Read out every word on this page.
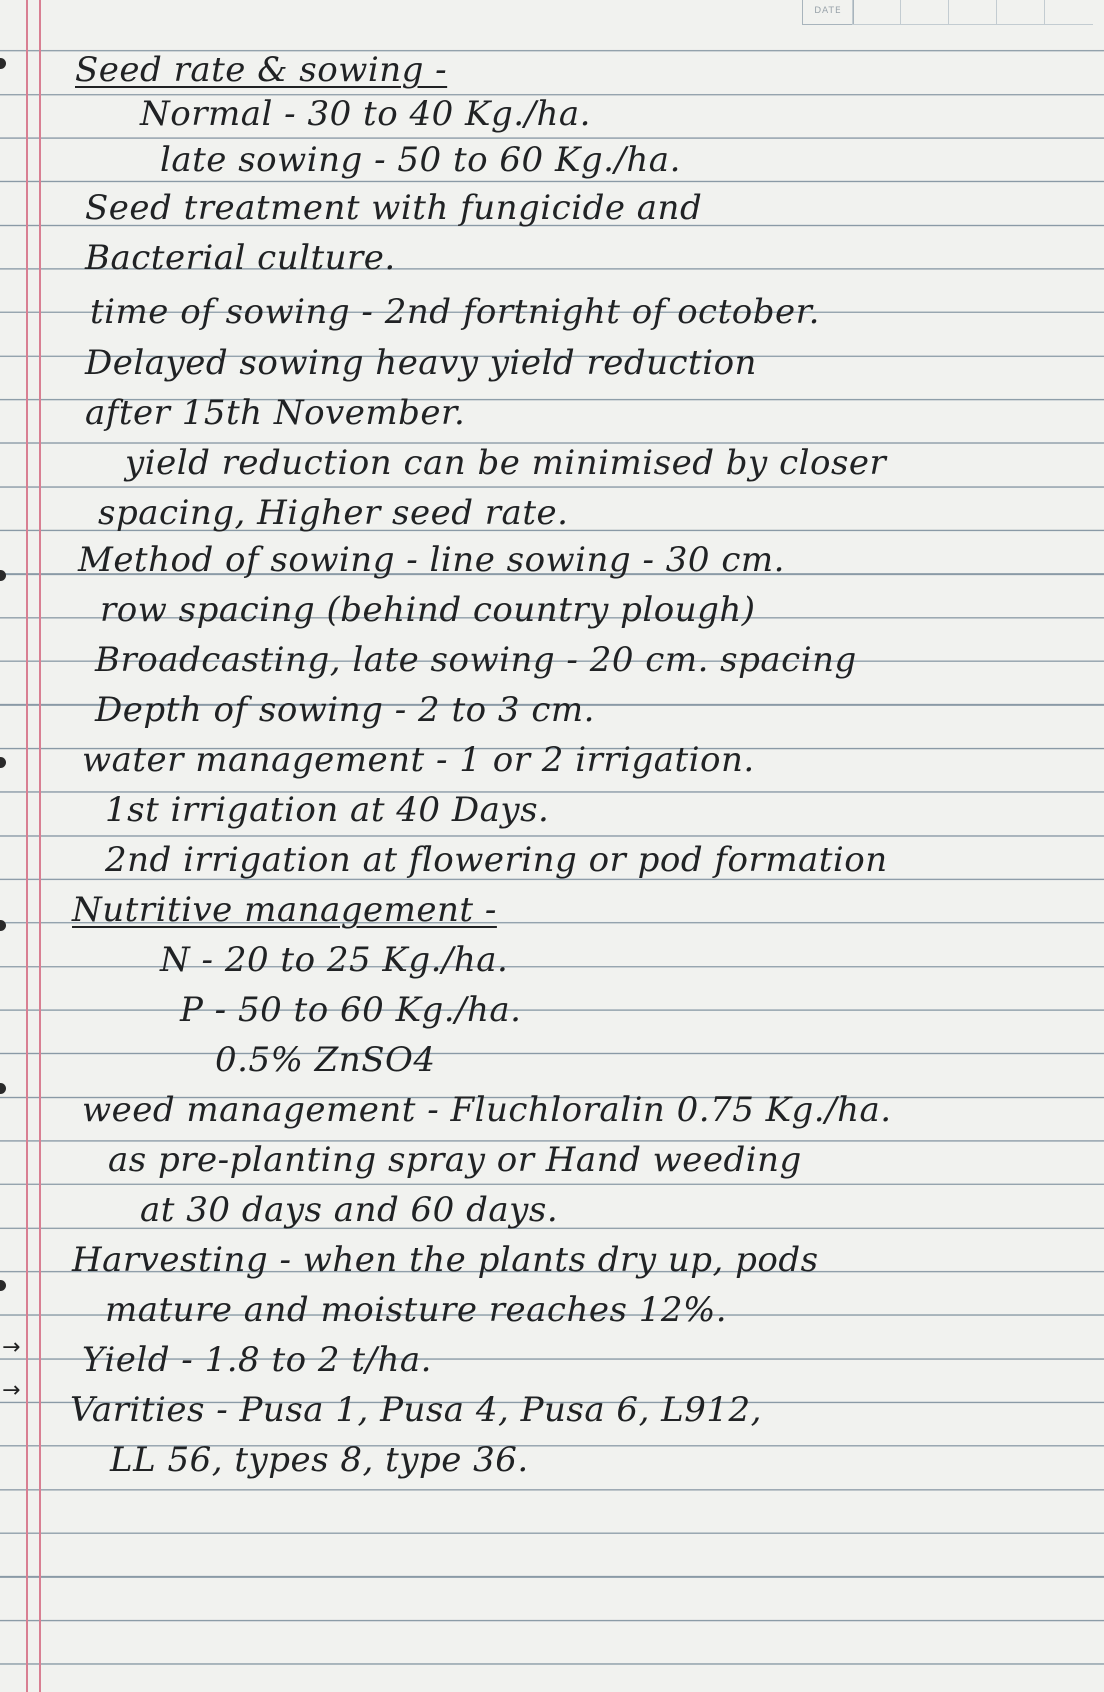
DATE
→
→
Seed rate & sowing -
Normal - 30 to 40 Kg./ha.
late sowing - 50 to 60 Kg./ha.
Seed treatment with fungicide and
Bacterial culture.
time of sowing - 2nd fortnight of october.
Delayed sowing heavy yield reduction
after 15th November.
yield reduction can be minimised by closer
spacing, Higher seed rate.
Method of sowing - line sowing - 30 cm.
row spacing (behind country plough)
Broadcasting, late sowing - 20 cm. spacing
Depth of sowing - 2 to 3 cm.
water management - 1 or 2 irrigation.
1st irrigation at 40 Days.
2nd irrigation at flowering or pod formation
Nutritive management -
N - 20 to 25 Kg./ha.
P - 50 to 60 Kg./ha.
0.5% ZnSO4
weed management - Fluchloralin 0.75 Kg./ha.
as pre-planting spray or Hand weeding
at 30 days and 60 days.
Harvesting - when the plants dry up, pods
mature and moisture reaches 12%.
Yield - 1.8 to 2 t/ha.
Varities - Pusa 1, Pusa 4, Pusa 6, L912,
LL 56, types 8, type 36.
